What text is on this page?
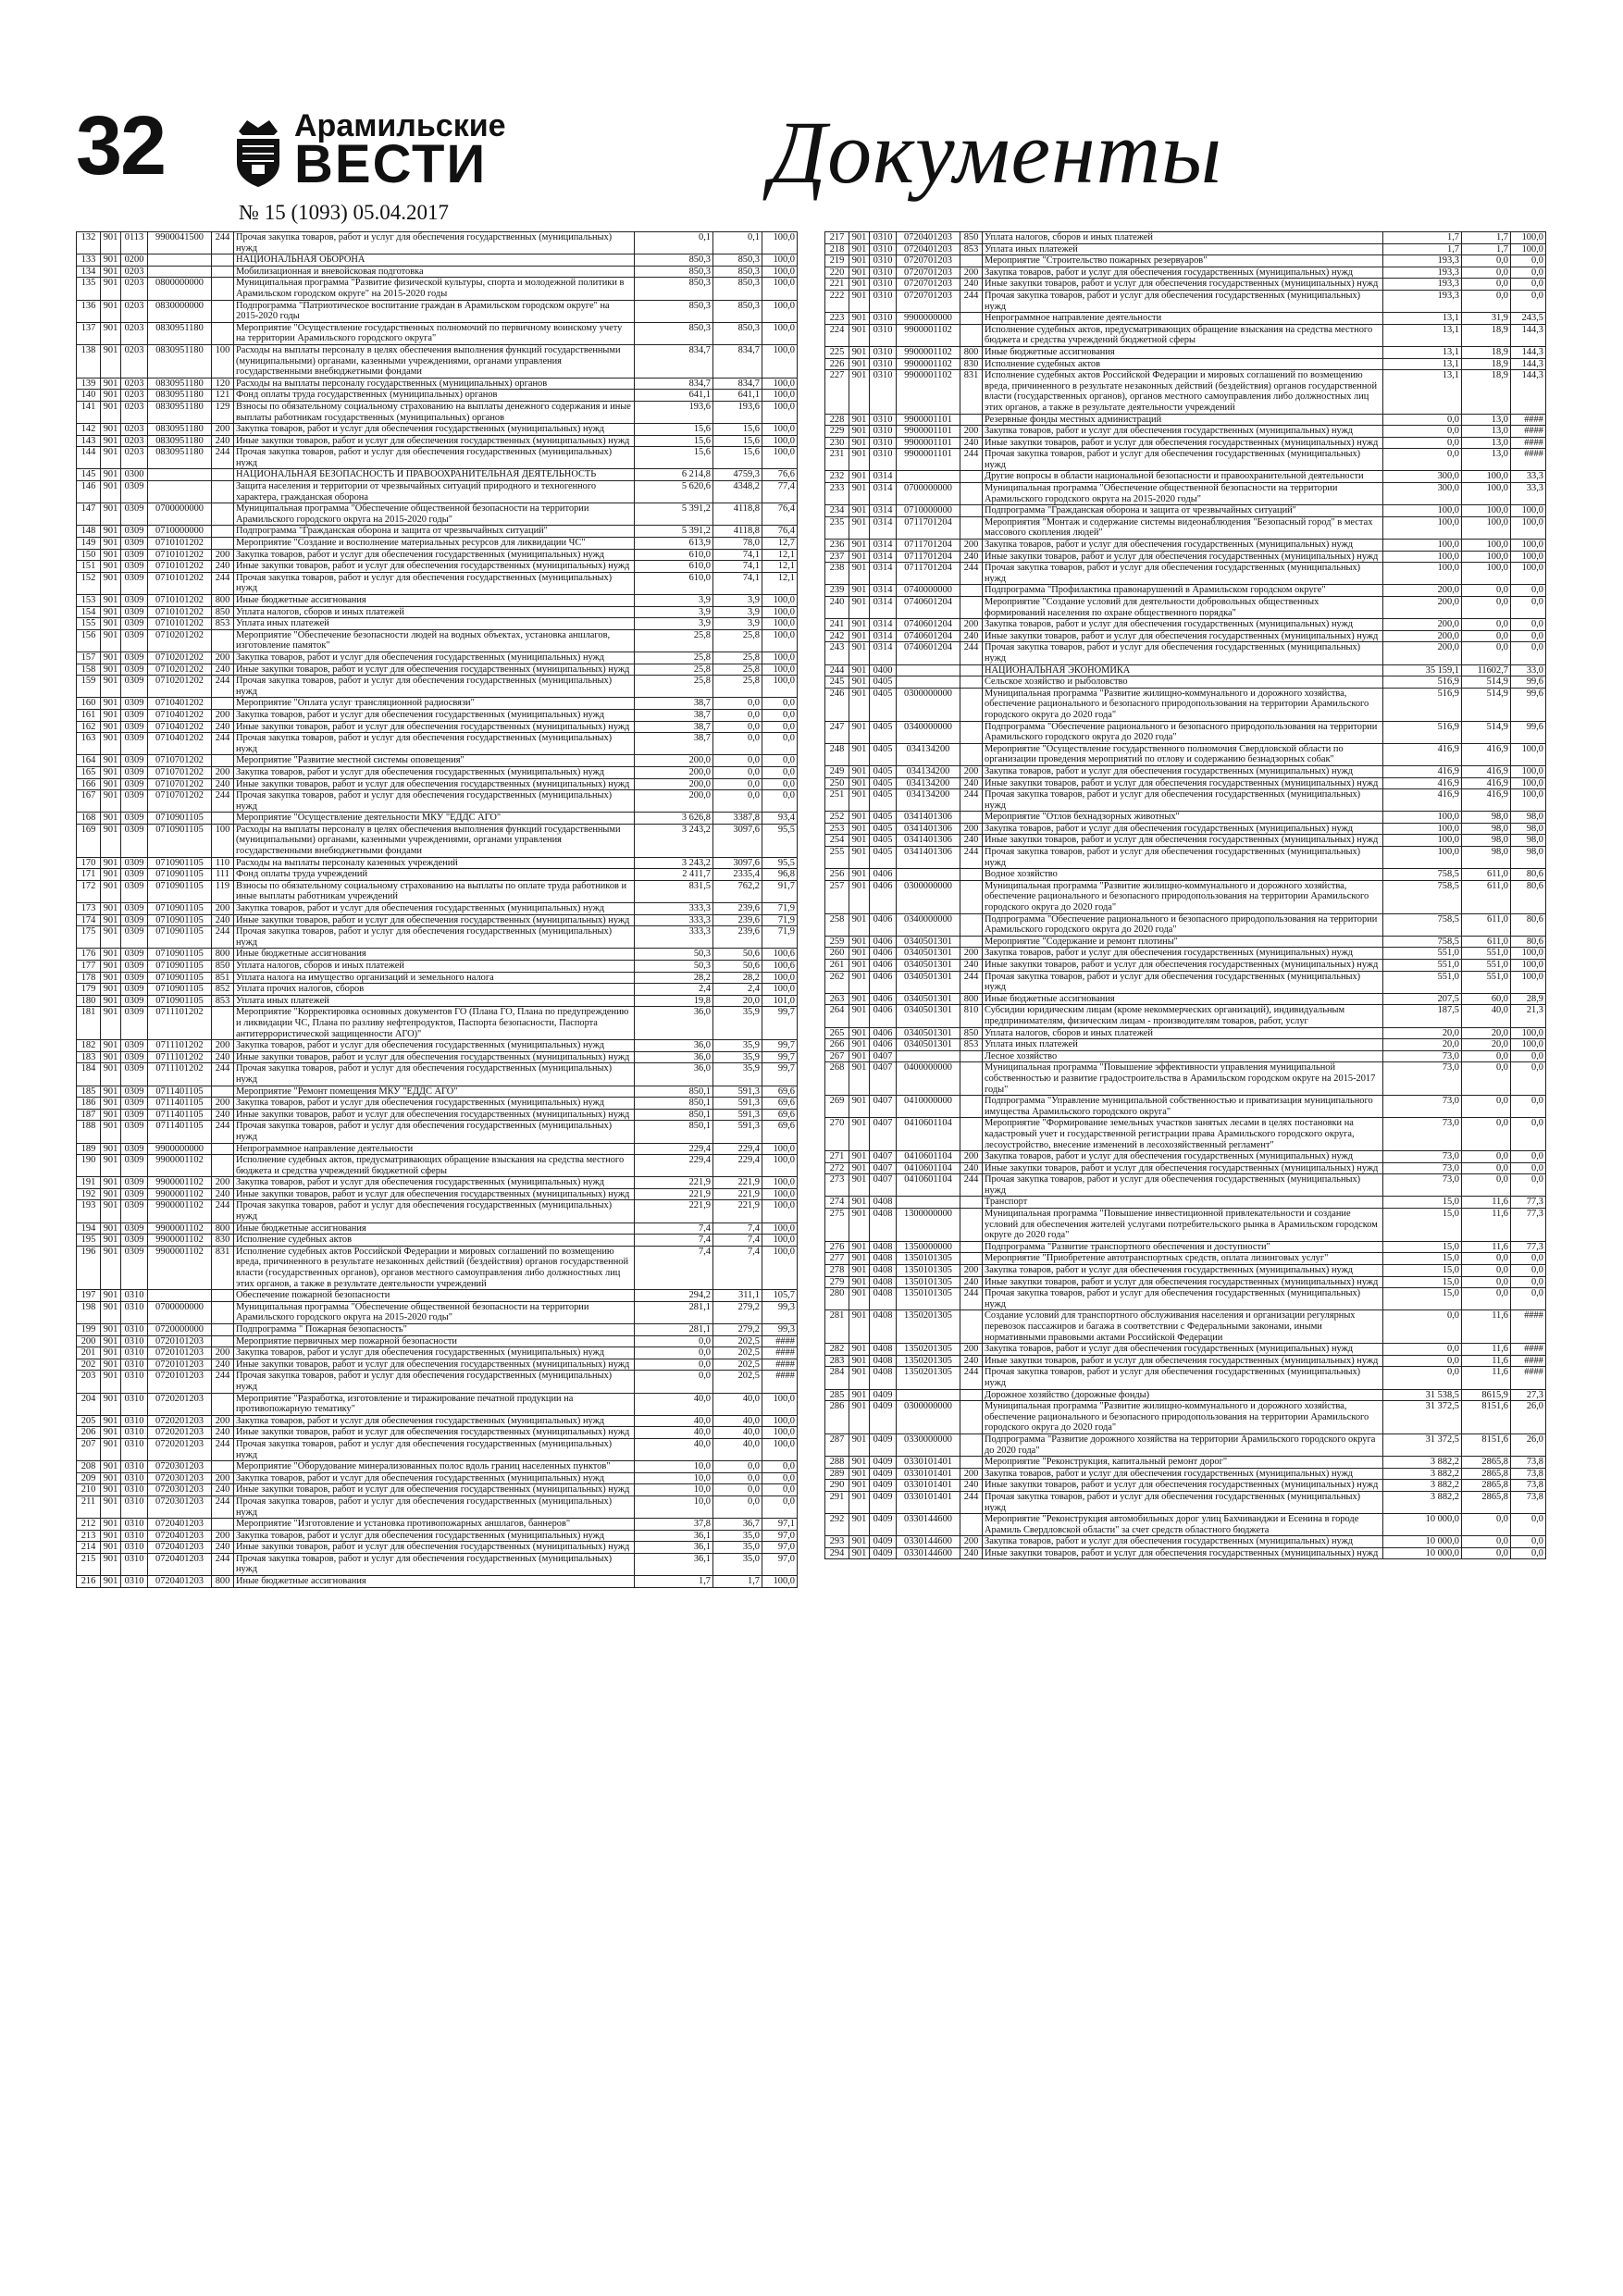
32	Арамильские
ВЕСТИ
№ 15 (1093) 05.04.2017
Документы
132	901	0113	9900041500	244	Прочая закупка товаров, работ и услуг для обеспечения государственных (муниципальных) нужд	0,1	0,1	100,0
133	901	0200			НАЦИОНАЛЬНАЯ ОБОРОНА	850,3	850,3	100,0
134	901	0203			Мобилизационная и вневойсковая подготовка	850,3	850,3	100,0
135	901	0203	0800000000		Муниципальная программа "Развитие физической культуры, спорта и молодежной политики в Арамильском городском округе" на 2015-2020 годы	850,3	850,3	100,0
136	901	0203	0830000000		Подпрограмма "Патриотическое воспитание граждан в Арамильском городском округе" на 2015-2020 годы	850,3	850,3	100,0
137	901	0203	0830951180		Мероприятие "Осуществление государственных полномочий по первичному воинскому учету на территории Арамильского городского округа"	850,3	850,3	100,0
138	901	0203	0830951180	100	Расходы на выплаты персоналу в целях обеспечения выполнения функций государственными (муниципальными) органами, казенными учреждениями, органами управления государственными внебюджетными фондами	834,7	834,7	100,0
139	901	0203	0830951180	120	Расходы на выплаты персоналу государственных (муниципальных) органов	834,7	834,7	100,0
140	901	0203	0830951180	121	Фонд оплаты труда государственных (муниципальных) органов	641,1	641,1	100,0
141	901	0203	0830951180	129	Взносы по обязательному социальному страхованию на выплаты денежного содержания и иные выплаты работникам государственных (муниципальных) органов	193,6	193,6	100,0
142	901	0203	0830951180	200	Закупка товаров, работ и услуг для обеспечения государственных (муниципальных) нужд	15,6	15,6	100,0
143	901	0203	0830951180	240	Иные закупки товаров, работ и услуг для обеспечения государственных (муниципальных) нужд	15,6	15,6	100,0
144	901	0203	0830951180	244	Прочая закупка товаров, работ и услуг для обеспечения государственных (муниципальных) нужд	15,6	15,6	100,0
145	901	0300			НАЦИОНАЛЬНАЯ БЕЗОПАСНОСТЬ И ПРАВООХРАНИТЕЛЬНАЯ ДЕЯТЕЛЬНОСТЬ	6 214,8	4759,3	76,6
146	901	0309			Защита населения и территории от чрезвычайных ситуаций природного и техногенного характера, гражданская оборона	5 620,6	4348,2	77,4
147	901	0309	0700000000		Муниципальная программа "Обеспечение общественной безопасности на территории Арамильского городского округа на 2015-2020 годы"	5 391,2	4118,8	76,4
148	901	0309	0710000000		Подпрограмма "Гражданская оборона и защита от чрезвычайных ситуаций"	5 391,2	4118,8	76,4
149	901	0309	0710101202		Мероприятие "Создание и восполнение материальных ресурсов для ликвидации ЧС"	613,9	78,0	12,7
150	901	0309	0710101202	200	Закупка товаров, работ и услуг для обеспечения государственных (муниципальных) нужд	610,0	74,1	12,1
151	901	0309	0710101202	240	Иные закупки товаров, работ и услуг для обеспечения государственных (муниципальных) нужд	610,0	74,1	12,1
152	901	0309	0710101202	244	Прочая закупка товаров, работ и услуг для обеспечения государственных (муниципальных) нужд	610,0	74,1	12,1
153	901	0309	0710101202	800	Иные бюджетные ассигнования	3,9	3,9	100,0
154	901	0309	0710101202	850	Уплата налогов, сборов и иных платежей	3,9	3,9	100,0
155	901	0309	0710101202	853	Уплата иных платежей	3,9	3,9	100,0
156	901	0309	0710201202		Мероприятие "Обеспечение безопасности людей на водных объектах, установка аншлагов, изготовление памяток"	25,8	25,8	100,0
157	901	0309	0710201202	200	Закупка товаров, работ и услуг для обеспечения государственных (муниципальных) нужд	25,8	25,8	100,0
158	901	0309	0710201202	240	Иные закупки товаров, работ и услуг для обеспечения государственных (муниципальных) нужд	25,8	25,8	100,0
159	901	0309	0710201202	244	Прочая закупка товаров, работ и услуг для обеспечения государственных (муниципальных) нужд	25,8	25,8	100,0
160	901	0309	0710401202		Мероприятие "Оплата услуг трансляционной радиосвязи"	38,7	0,0	0,0
161	901	0309	0710401202	200	Закупка товаров, работ и услуг для обеспечения государственных (муниципальных) нужд	38,7	0,0	0,0
162	901	0309	0710401202	240	Иные закупки товаров, работ и услуг для обеспечения государственных (муниципальных) нужд	38,7	0,0	0,0
163	901	0309	0710401202	244	Прочая закупка товаров, работ и услуг для обеспечения государственных (муниципальных) нужд	38,7	0,0	0,0
164	901	0309	0710701202		Мероприятие "Развитие местной системы оповещения"	200,0	0,0	0,0
165	901	0309	0710701202	200	Закупка товаров, работ и услуг для обеспечения государственных (муниципальных) нужд	200,0	0,0	0,0
166	901	0309	0710701202	240	Иные закупки товаров, работ и услуг для обеспечения государственных (муниципальных) нужд	200,0	0,0	0,0
167	901	0309	0710701202	244	Прочая закупка товаров, работ и услуг для обеспечения государственных (муниципальных) нужд	200,0	0,0	0,0
168	901	0309	0710901105		Мероприятие "Осуществление деятельности МКУ "ЕДДС АГО"	3 626,8	3387,8	93,4
169	901	0309	0710901105	100	Расходы на выплаты персоналу в целях обеспечения выполнения функций государственными (муниципальными) органами, казенными учреждениями, органами управления государственными внебюджетными фондами	3 243,2	3097,6	95,5
170	901	0309	0710901105	110	Расходы на выплаты персоналу казенных учреждений	3 243,2	3097,6	95,5
171	901	0309	0710901105	111	Фонд оплаты труда учреждений	2 411,7	2335,4	96,8
172	901	0309	0710901105	119	Взносы по обязательному социальному страхованию на выплаты по оплате труда работников и иные выплаты работникам учреждений	831,5	762,2	91,7
173	901	0309	0710901105	200	Закупка товаров, работ и услуг для обеспечения государственных (муниципальных) нужд	333,3	239,6	71,9
174	901	0309	0710901105	240	Иные закупки товаров, работ и услуг для обеспечения государственных (муниципальных) нужд	333,3	239,6	71,9
175	901	0309	0710901105	244	Прочая закупка товаров, работ и услуг для обеспечения государственных (муниципальных) нужд	333,3	239,6	71,9
176	901	0309	0710901105	800	Иные бюджетные ассигнования	50,3	50,6	100,6
177	901	0309	0710901105	850	Уплата налогов, сборов и иных платежей	50,3	50,6	100,6
178	901	0309	0710901105	851	Уплата налога на имущество организаций и земельного налога	28,2	28,2	100,0
179	901	0309	0710901105	852	Уплата прочих налогов, сборов	2,4	2,4	100,0
180	901	0309	0710901105	853	Уплата иных платежей	19,8	20,0	101,0
181	901	0309	0711101202		Мероприятие "Корректировка основных документов ГО (Плана ГО, Плана по предупреждению и ликвидации ЧС, Плана по разливу нефтепродуктов, Паспорта безопасности, Паспорта антитеррористической защищенности АГО)"	36,0	35,9	99,7
182	901	0309	0711101202	200	Закупка товаров, работ и услуг для обеспечения государственных (муниципальных) нужд	36,0	35,9	99,7
183	901	0309	0711101202	240	Иные закупки товаров, работ и услуг для обеспечения государственных (муниципальных) нужд	36,0	35,9	99,7
184	901	0309	0711101202	244	Прочая закупка товаров, работ и услуг для обеспечения государственных (муниципальных) нужд	36,0	35,9	99,7
185	901	0309	0711401105		Мероприятие "Ремонт помещения МКУ "ЕДДС АГО"	850,1	591,3	69,6
186	901	0309	0711401105	200	Закупка товаров, работ и услуг для обеспечения государственных (муниципальных) нужд	850,1	591,3	69,6
187	901	0309	0711401105	240	Иные закупки товаров, работ и услуг для обеспечения государственных (муниципальных) нужд	850,1	591,3	69,6
188	901	0309	0711401105	244	Прочая закупка товаров, работ и услуг для обеспечения государственных (муниципальных) нужд	850,1	591,3	69,6
189	901	0309	9900000000		Непрограммное направление деятельности	229,4	229,4	100,0
190	901	0309	9900001102		Исполнение судебных актов, предусматривающих обращение взыскания на средства местного бюджета и средства учреждений бюджетной сферы	229,4	229,4	100,0
191	901	0309	9900001102	200	Закупка товаров, работ и услуг для обеспечения государственных (муниципальных) нужд	221,9	221,9	100,0
192	901	0309	9900001102	240	Иные закупки товаров, работ и услуг для обеспечения государственных (муниципальных) нужд	221,9	221,9	100,0
193	901	0309	9900001102	244	Прочая закупка товаров, работ и услуг для обеспечения государственных (муниципальных) нужд	221,9	221,9	100,0
194	901	0309	9900001102	800	Иные бюджетные ассигнования	7,4	7,4	100,0
195	901	0309	9900001102	830	Исполнение судебных актов	7,4	7,4	100,0
196	901	0309	9900001102	831	Исполнение судебных актов Российской Федерации и мировых соглашений по возмещению вреда, причиненного в результате незаконных действий (бездействия) органов государственной власти (государственных органов), органов местного самоуправления либо должностных лиц этих органов, а также в результате деятельности учреждений	7,4	7,4	100,0
197	901	0310			Обеспечение пожарной безопасности	294,2	311,1	105,7
198	901	0310	0700000000		Муниципальная программа "Обеспечение общественной безопасности на территории Арамильского городского округа на 2015-2020 годы"	281,1	279,2	99,3
199	901	0310	0720000000		Подпрограмма " Пожарная безопасность"	281,1	279,2	99,3
200	901	0310	0720101203		Мероприятие первичных мер пожарной безопасности	0,0	202,5	####
201	901	0310	0720101203	200	Закупка товаров, работ и услуг для обеспечения государственных (муниципальных) нужд	0,0	202,5	####
202	901	0310	0720101203	240	Иные закупки товаров, работ и услуг для обеспечения государственных (муниципальных) нужд	0,0	202,5	####
203	901	0310	0720101203	244	Прочая закупка товаров, работ и услуг для обеспечения государственных (муниципальных) нужд	0,0	202,5	####
204	901	0310	0720201203		Мероприятие "Разработка, изготовление и тиражирование печатной продукции на противопожарную тематику"	40,0	40,0	100,0
205	901	0310	0720201203	200	Закупка товаров, работ и услуг для обеспечения государственных (муниципальных) нужд	40,0	40,0	100,0
206	901	0310	0720201203	240	Иные закупки товаров, работ и услуг для обеспечения государственных (муниципальных) нужд	40,0	40,0	100,0
207	901	0310	0720201203	244	Прочая закупка товаров, работ и услуг для обеспечения государственных (муниципальных) нужд	40,0	40,0	100,0
208	901	0310	0720301203		Мероприятие "Оборудование минерализованных полос вдоль границ населенных пунктов"	10,0	0,0	0,0
209	901	0310	0720301203	200	Закупка товаров, работ и услуг для обеспечения государственных (муниципальных) нужд	10,0	0,0	0,0
210	901	0310	0720301203	240	Иные закупки товаров, работ и услуг для обеспечения государственных (муниципальных) нужд	10,0	0,0	0,0
211	901	0310	0720301203	244	Прочая закупка товаров, работ и услуг для обеспечения государственных (муниципальных) нужд	10,0	0,0	0,0
212	901	0310	0720401203		Мероприятие "Изготовление и установка противопожарных аншлагов, баннеров"	37,8	36,7	97,1
213	901	0310	0720401203	200	Закупка товаров, работ и услуг для обеспечения государственных (муниципальных) нужд	36,1	35,0	97,0
214	901	0310	0720401203	240	Иные закупки товаров, работ и услуг для обеспечения государственных (муниципальных) нужд	36,1	35,0	97,0
215	901	0310	0720401203	244	Прочая закупка товаров, работ и услуг для обеспечения государственных (муниципальных) нужд	36,1	35,0	97,0
216	901	0310	0720401203	800	Иные бюджетные ассигнования	1,7	1,7	100,0
217	901	0310	0720401203	850	Уплата налогов, сборов и иных платежей	1,7	1,7	100,0
218	901	0310	0720401203	853	Уплата иных платежей	1,7	1,7	100,0
219	901	0310	0720701203		Мероприятие "Строительство пожарных резервуаров"	193,3	0,0	0,0
220	901	0310	0720701203	200	Закупка товаров, работ и услуг для обеспечения государственных (муниципальных) нужд	193,3	0,0	0,0
221	901	0310	0720701203	240	Иные закупки товаров, работ и услуг для обеспечения государственных (муниципальных) нужд	193,3	0,0	0,0
222	901	0310	0720701203	244	Прочая закупка товаров, работ и услуг для обеспечения государственных (муниципальных) нужд	193,3	0,0	0,0
223	901	0310	9900000000		Непрограммное направление деятельности	13,1	31,9	243,5
224	901	0310	9900001102		Исполнение судебных актов, предусматривающих обращение взыскания на средства местного бюджета и средства учреждений бюджетной сферы	13,1	18,9	144,3
225	901	0310	9900001102	800	Иные бюджетные ассигнования	13,1	18,9	144,3
226	901	0310	9900001102	830	Исполнение судебных актов	13,1	18,9	144,3
227	901	0310	9900001102	831	Исполнение судебных актов Российской Федерации и мировых соглашений по возмещению вреда, причиненного в результате незаконных действий (бездействия) органов государственной власти (государственных органов), органов местного самоуправления либо должностных лиц этих органов, а также в результате деятельности учреждений	13,1	18,9	144,3
228	901	0310	9900001101		Резервные фонды местных администраций	0,0	13,0	####
229	901	0310	9900001101	200	Закупка товаров, работ и услуг для обеспечения государственных (муниципальных) нужд	0,0	13,0	####
230	901	0310	9900001101	240	Иные закупки товаров, работ и услуг для обеспечения государственных (муниципальных) нужд	0,0	13,0	####
231	901	0310	9900001101	244	Прочая закупка товаров, работ и услуг для обеспечения государственных (муниципальных) нужд	0,0	13,0	####
232	901	0314			Другие вопросы в области национальной безопасности и правоохранительной деятельности	300,0	100,0	33,3
233	901	0314	0700000000		Муниципальная программа "Обеспечение общественной безопасности на территории Арамильского городского округа на 2015-2020 годы"	300,0	100,0	33,3
234	901	0314	0710000000		Подпрограмма "Гражданская оборона и защита от чрезвычайных ситуаций"	100,0	100,0	100,0
235	901	0314	0711701204		Мероприятия "Монтаж и содержание системы видеонаблюдения "Безопасный город" в местах массового скопления людей"	100,0	100,0	100,0
236	901	0314	0711701204	200	Закупка товаров, работ и услуг для обеспечения государственных (муниципальных) нужд	100,0	100,0	100,0
237	901	0314	0711701204	240	Иные закупки товаров, работ и услуг для обеспечения государственных (муниципальных) нужд	100,0	100,0	100,0
238	901	0314	0711701204	244	Прочая закупка товаров, работ и услуг для обеспечения государственных (муниципальных) нужд	100,0	100,0	100,0
239	901	0314	0740000000		Подпрограмма "Профилактика правонарушений в Арамильском городском округе"	200,0	0,0	0,0
240	901	0314	0740601204		Мероприятие "Создание условий для деятельности добровольных общественных формирований населения по охране общественного порядка"	200,0	0,0	0,0
241	901	0314	0740601204	200	Закупка товаров, работ и услуг для обеспечения государственных (муниципальных) нужд	200,0	0,0	0,0
242	901	0314	0740601204	240	Иные закупки товаров, работ и услуг для обеспечения государственных (муниципальных) нужд	200,0	0,0	0,0
243	901	0314	0740601204	244	Прочая закупка товаров, работ и услуг для обеспечения государственных (муниципальных) нужд	200,0	0,0	0,0
244	901	0400			НАЦИОНАЛЬНАЯ ЭКОНОМИКА	35 159,1	11602,7	33,0
245	901	0405			Сельское хозяйство и рыболовство	516,9	514,9	99,6
246	901	0405	0300000000		Муниципальная программа "Развитие жилищно-коммунального и дорожного хозяйства, обеспечение рационального и безопасного природопользования на территории Арамильского городского округа до 2020 года"	516,9	514,9	99,6
247	901	0405	0340000000		Подпрограмма "Обеспечение рационального и безопасного природопользования на территории Арамильского городского округа до 2020 года"	516,9	514,9	99,6
248	901	0405	034134200		Мероприятие "Осуществление государственного полномочия Свердловской области по организации проведения мероприятий по отлову и содержанию безнадзорных собак"	416,9	416,9	100,0
249	901	0405	034134200	200	Закупка товаров, работ и услуг для обеспечения государственных (муниципальных) нужд	416,9	416,9	100,0
250	901	0405	034134200	240	Иные закупки товаров, работ и услуг для обеспечения государственных (муниципальных) нужд	416,9	416,9	100,0
251	901	0405	034134200	244	Прочая закупка товаров, работ и услуг для обеспечения государственных (муниципальных) нужд	416,9	416,9	100,0
252	901	0405	0341401306		Мероприятие "Отлов бехнадзорных животных"	100,0	98,0	98,0
253	901	0405	0341401306	200	Закупка товаров, работ и услуг для обеспечения государственных (муниципальных) нужд	100,0	98,0	98,0
254	901	0405	0341401306	240	Иные закупки товаров, работ и услуг для обеспечения государственных (муниципальных) нужд	100,0	98,0	98,0
255	901	0405	0341401306	244	Прочая закупка товаров, работ и услуг для обеспечения государственных (муниципальных) нужд	100,0	98,0	98,0
256	901	0406			Водное хозяйство	758,5	611,0	80,6
257	901	0406	0300000000		Муниципальная программа "Развитие жилищно-коммунального и дорожного хозяйства, обеспечение рационального и безопасного природопользования на территории Арамильского городского округа до 2020 года"	758,5	611,0	80,6
258	901	0406	0340000000		Подпрограмма "Обеспечение рационального и безопасного природопользования на территории Арамильского городского округа до 2020 года"	758,5	611,0	80,6
259	901	0406	0340501301		Мероприятие "Содержание и ремонт плотины"	758,5	611,0	80,6
260	901	0406	0340501301	200	Закупка товаров, работ и услуг для обеспечения государственных (муниципальных) нужд	551,0	551,0	100,0
261	901	0406	0340501301	240	Иные закупки товаров, работ и услуг для обеспечения государственных (муниципальных) нужд	551,0	551,0	100,0
262	901	0406	0340501301	244	Прочая закупка товаров, работ и услуг для обеспечения государственных (муниципальных) нужд	551,0	551,0	100,0
263	901	0406	0340501301	800	Иные бюджетные ассигнования	207,5	60,0	28,9
264	901	0406	0340501301	810	Субсидии юридическим лицам (кроме некоммерческих организаций), индивидуальным предпринимателям, физическим лицам - производителям товаров, работ, услуг	187,5	40,0	21,3
265	901	0406	0340501301	850	Уплата налогов, сборов и иных платежей	20,0	20,0	100,0
266	901	0406	0340501301	853	Уплата иных платежей	20,0	20,0	100,0
267	901	0407			Лесное хозяйство	73,0	0,0	0,0
268	901	0407	0400000000		Муниципальная программа "Повышение эффективности управления муниципальной собственностью и развитие градостроительства в Арамильском городском округе на 2015-2017 годы"	73,0	0,0	0,0
269	901	0407	0410000000		Подпрограмма "Управление муниципальной собственностью и приватизация муниципального имущества Арамильского городского округа"	73,0	0,0	0,0
270	901	0407	0410601104		Мероприятие "Формирование земельных участков занятых лесами в целях постановки на кадастровый учет и государственной регистрации права Арамильского городского округа, лесоустройство, внесение изменений в лесохозяйственный регламент"	73,0	0,0	0,0
271	901	0407	0410601104	200	Закупка товаров, работ и услуг для обеспечения государственных (муниципальных) нужд	73,0	0,0	0,0
272	901	0407	0410601104	240	Иные закупки товаров, работ и услуг для обеспечения государственных (муниципальных) нужд	73,0	0,0	0,0
273	901	0407	0410601104	244	Прочая закупка товаров, работ и услуг для обеспечения государственных (муниципальных) нужд	73,0	0,0	0,0
274	901	0408			Транспорт	15,0	11,6	77,3
275	901	0408	1300000000		Муниципальная программа "Повышение инвестиционной привлекательности и создание условий для обеспечения жителей услугами потребительского рынка в Арамильском городском округе до 2020 года"	15,0	11,6	77,3
276	901	0408	1350000000		Подпрограмма "Развитие транспортного обеспечения и доступности"	15,0	11,6	77,3
277	901	0408	1350101305		Мероприятие "Приобретение автотранспортных средств, оплата лизинговых услуг"	15,0	0,0	0,0
278	901	0408	1350101305	200	Закупка товаров, работ и услуг для обеспечения государственных (муниципальных) нужд	15,0	0,0	0,0
279	901	0408	1350101305	240	Иные закупки товаров, работ и услуг для обеспечения государственных (муниципальных) нужд	15,0	0,0	0,0
280	901	0408	1350101305	244	Прочая закупка товаров, работ и услуг для обеспечения государственных (муниципальных) нужд	15,0	0,0	0,0
281	901	0408	1350201305		Создание условий для транспортного обслуживания населения и организации регулярных перевозок пассажиров и багажа в соответствии с Федеральными законами, иными нормативными правовыми актами Российской Федерации	0,0	11,6	####
282	901	0408	1350201305	200	Закупка товаров, работ и услуг для обеспечения государственных (муниципальных) нужд	0,0	11,6	####
283	901	0408	1350201305	240	Иные закупки товаров, работ и услуг для обеспечения государственных (муниципальных) нужд	0,0	11,6	####
284	901	0408	1350201305	244	Прочая закупка товаров, работ и услуг для обеспечения государственных (муниципальных) нужд	0,0	11,6	####
285	901	0409			Дорожное хозяйство (дорожные фонды)	31 538,5	8615,9	27,3
286	901	0409	0300000000		Муниципальная программа "Развитие жилищно-коммунального и дорожного хозяйства, обеспечение рационального и безопасного природопользования на территории Арамильского городского округа до 2020 года"	31 372,5	8151,6	26,0
287	901	0409	0330000000		Подпрограмма "Развитие дорожного хозяйства на территории Арамильского городского округа до 2020 года"	31 372,5	8151,6	26,0
288	901	0409	0330101401		Мероприятие "Реконструкция, капитальный ремонт дорог"	3 882,2	2865,8	73,8
289	901	0409	0330101401	200	Закупка товаров, работ и услуг для обеспечения государственных (муниципальных) нужд	3 882,2	2865,8	73,8
290	901	0409	0330101401	240	Иные закупки товаров, работ и услуг для обеспечения государственных (муниципальных) нужд	3 882,2	2865,8	73,8
291	901	0409	0330101401	244	Прочая закупка товаров, работ и услуг для обеспечения государственных (муниципальных) нужд	3 882,2	2865,8	73,8
292	901	0409	0330144600		Мероприятие "Реконструкция автомобильных дорог улиц Бахчиванджи и Есенина в городе Арамиль Свердловской области" за счет средств областного бюджета	10 000,0	0,0	0,0
293	901	0409	0330144600	200	Закупка товаров, работ и услуг для обеспечения государственных (муниципальных) нужд	10 000,0	0,0	0,0
294	901	0409	0330144600	240	Иные закупки товаров, работ и услуг для обеспечения государственных (муниципальных) нужд	10 000,0	0,0	0,0
